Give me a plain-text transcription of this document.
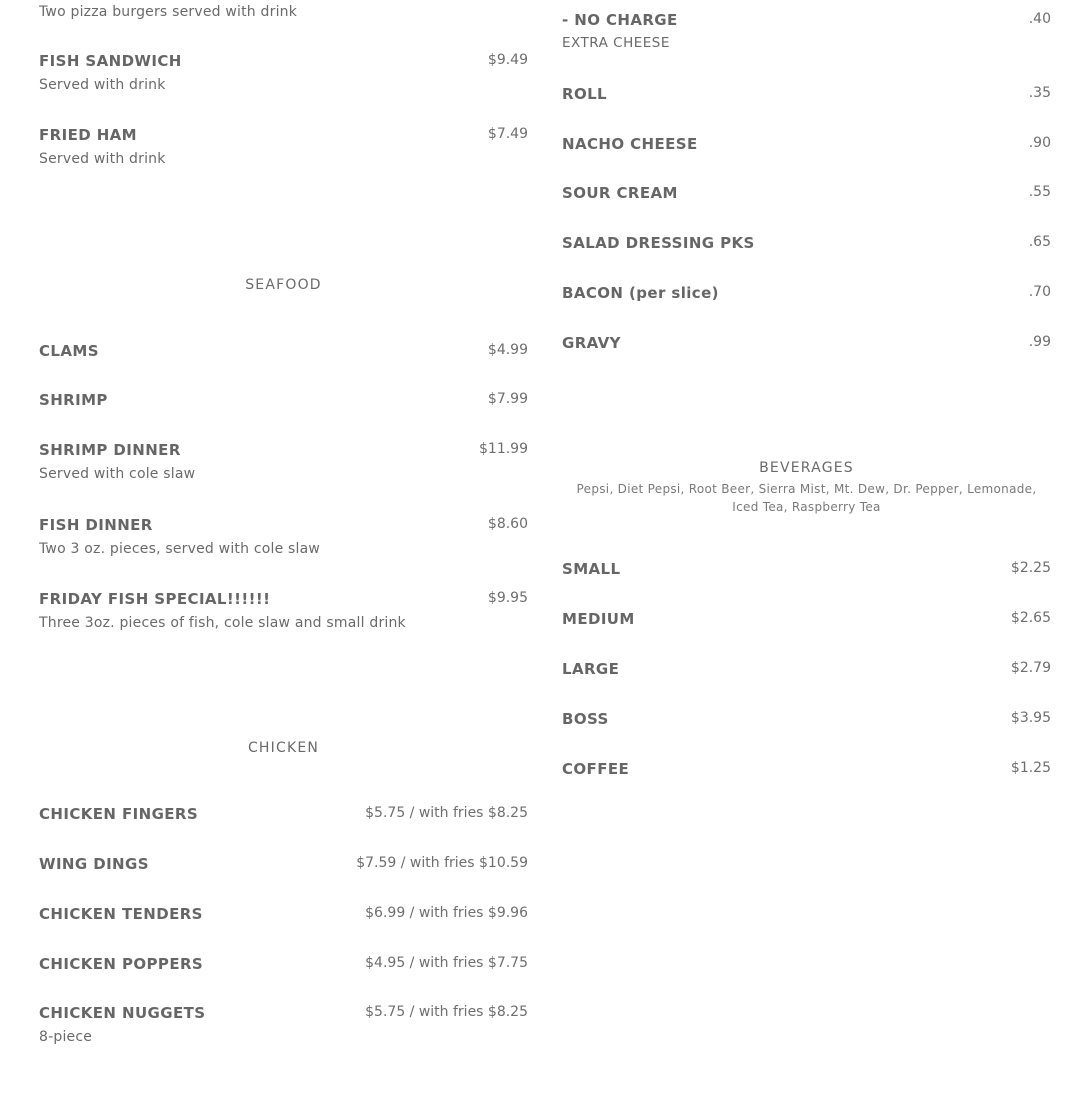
Two pizza burgers served with drink
FISH SANDWICH	$9.49
Served with drink
FRIED HAM	$7.49
Served with drink
SEAFOOD
CLAMS	$4.99
SHRIMP	$7.99
SHRIMP DINNER	$11.99
Served with cole slaw
FISH DINNER	$8.60
Two 3 oz. pieces, served with cole slaw
FRIDAY FISH SPECIAL!!!!!!	$9.95
Three 3oz. pieces of fish, cole slaw and small drink
CHICKEN
CHICKEN FINGERS	$5.75 / with fries $8.25
WING DINGS	$7.59 / with fries $10.59
CHICKEN TENDERS	$6.99 / with fries $9.96
CHICKEN POPPERS	$4.95 / with fries $7.75
CHICKEN NUGGETS	$5.75 / with fries $8.25
8-piece
- NO CHARGE	.40
EXTRA CHEESE
ROLL	.35
NACHO CHEESE	.90
SOUR CREAM	.55
SALAD DRESSING PKS	.65
BACON (per slice)	.70
GRAVY	.99
BEVERAGES
Pepsi, Diet Pepsi, Root Beer, Sierra Mist, Mt. Dew, Dr. Pepper, Lemonade, Iced Tea, Raspberry Tea
SMALL	$2.25
MEDIUM	$2.65
LARGE	$2.79
BOSS	$3.95
COFFEE	$1.25
